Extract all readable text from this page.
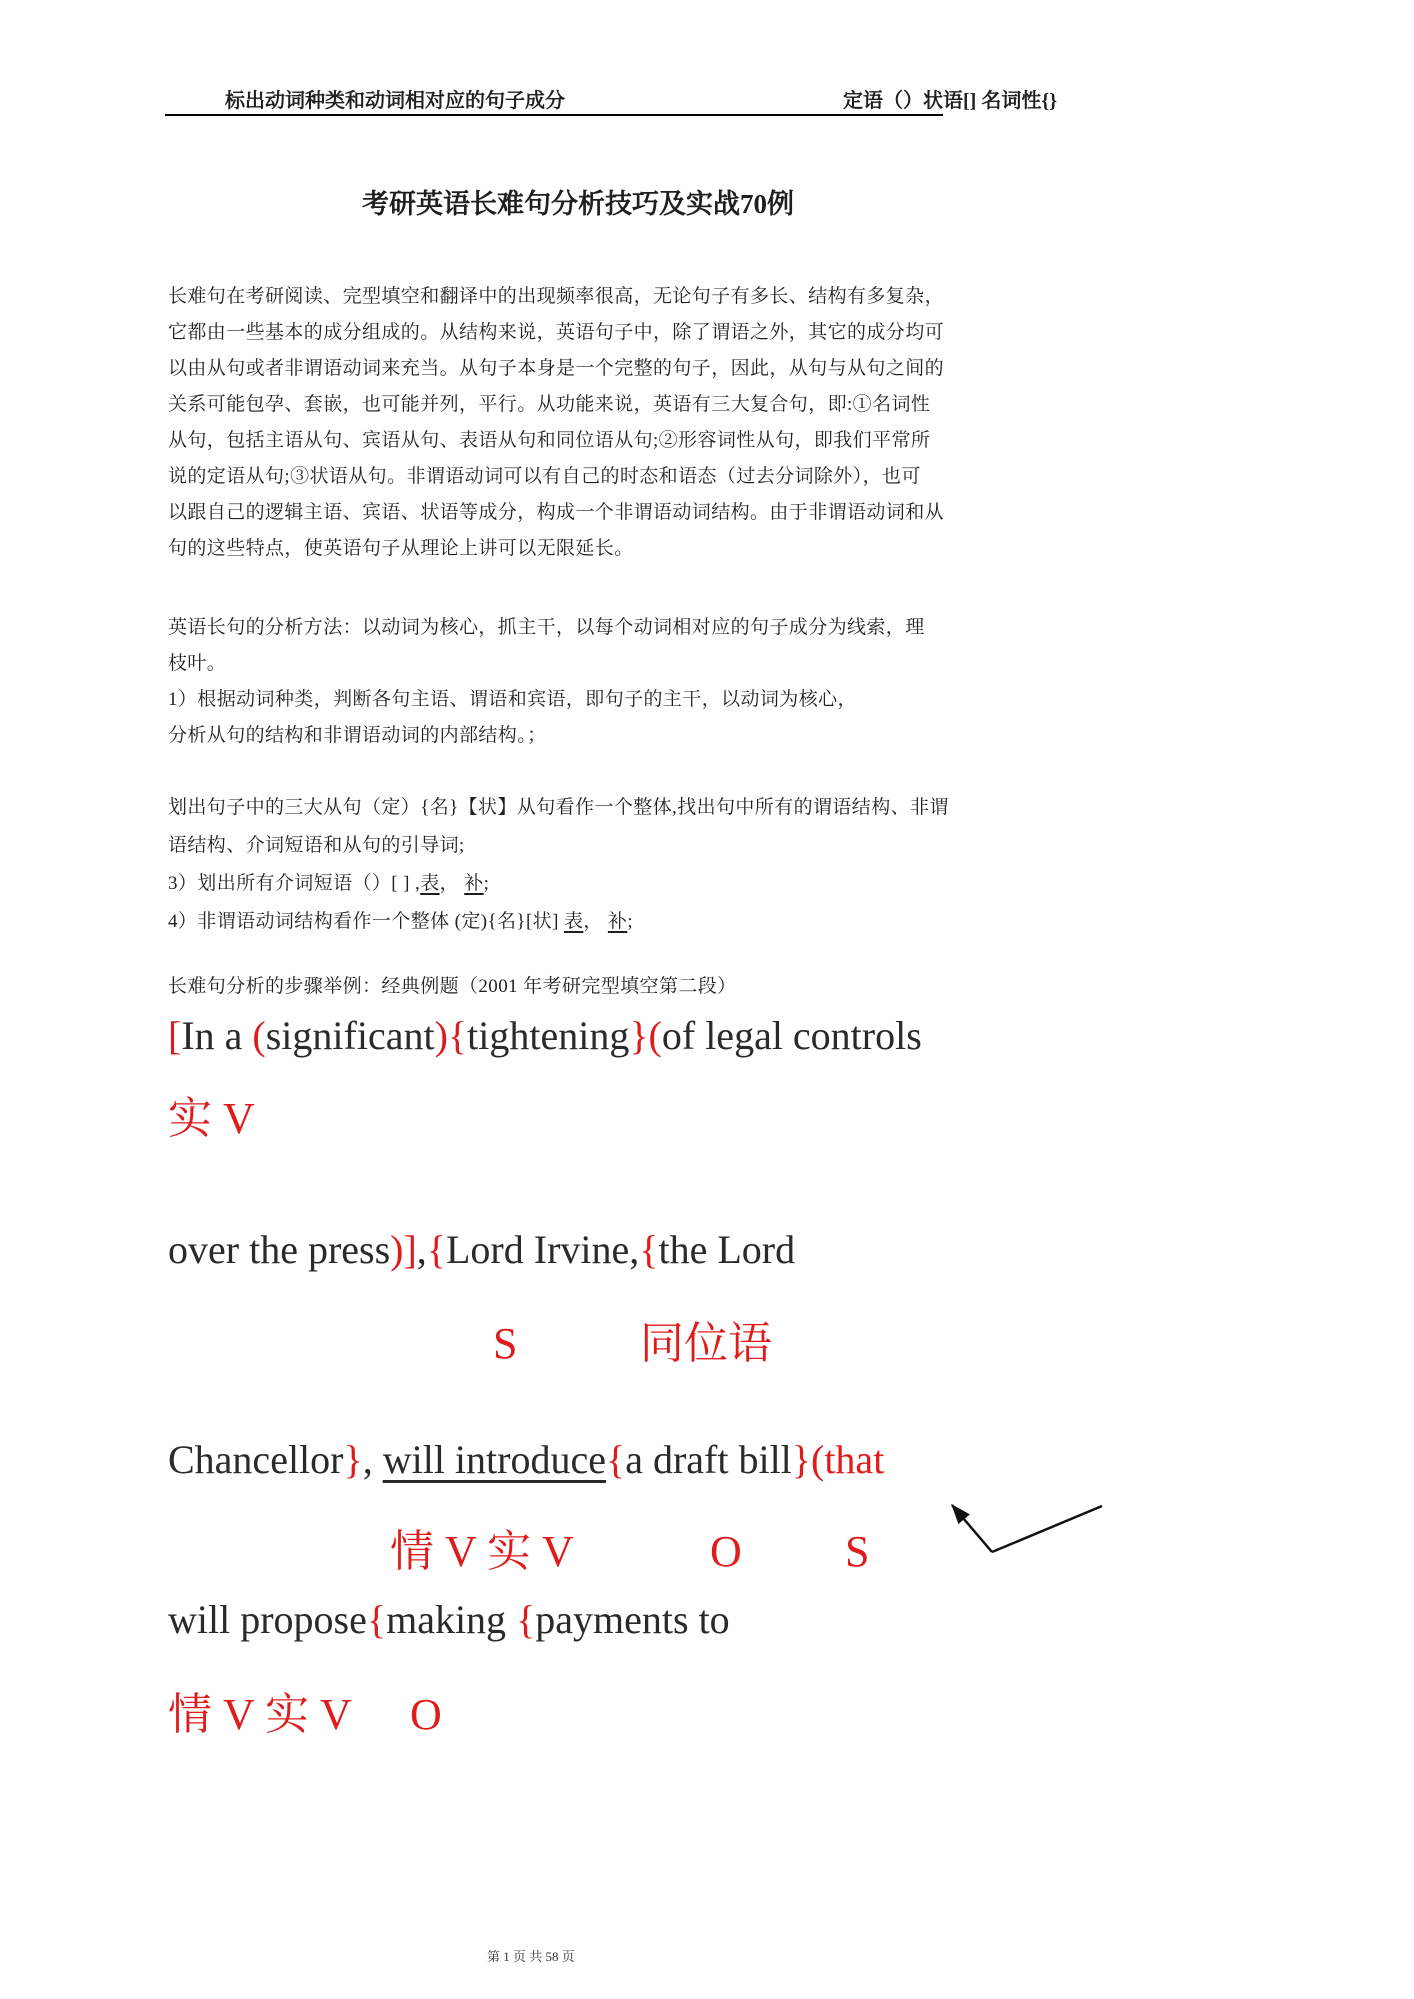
标出动词种类和动词相对应的句子成分	定语（）状语[] 名词性{}
考研英语长难句分析技巧及实战70例
长难句在考研阅读、完型填空和翻译中的出现频率很高，无论句子有多长、结构有多复杂，
它都由一些基本的成分组成的。从结构来说，英语句子中，除了谓语之外，其它的成分均可
以由从句或者非谓语动词来充当。从句子本身是一个完整的句子，因此，从句与从句之间的
关系可能包孕、套嵌，也可能并列，平行。从功能来说，英语有三大复合句，即:①名词性
从句，包括主语从句、宾语从句、表语从句和同位语从句;②形容词性从句，即我们平常所
说的定语从句;③状语从句。非谓语动词可以有自己的时态和语态（过去分词除外），也可
以跟自己的逻辑主语、宾语、状语等成分，构成一个非谓语动词结构。由于非谓语动词和从
句的这些特点，使英语句子从理论上讲可以无限延长。
英语长句的分析方法：以动词为核心，抓主干，以每个动词相对应的句子成分为线索，理
枝叶。
1）根据动词种类，判断各句主语、谓语和宾语，即句子的主干，以动词为核心，
分析从句的结构和非谓语动词的内部结构。；
划出句子中的三大从句（定）{名}【状】从句看作一个整体,找出句中所有的谓语结构、非谓
语结构、介词短语和从句的引导词;
3）划出所有介词短语（）[ ] ,表， 补;
4）非谓语动词结构看作一个整体 (定){名}[状] 表， 补;
长难句分析的步骤举例：经典例题（2001 年考研完型填空第二段）
[In a (significant){tightening}(of legal controls
实 V
over the press)],{Lord Irvine,{the Lord
S	同位语
Chancellor}, will introduce{a draft bill}(that
情 V 实 V	O S
will propose{making {payments to
情 V 实 V O
第 1 页 共 58 页
